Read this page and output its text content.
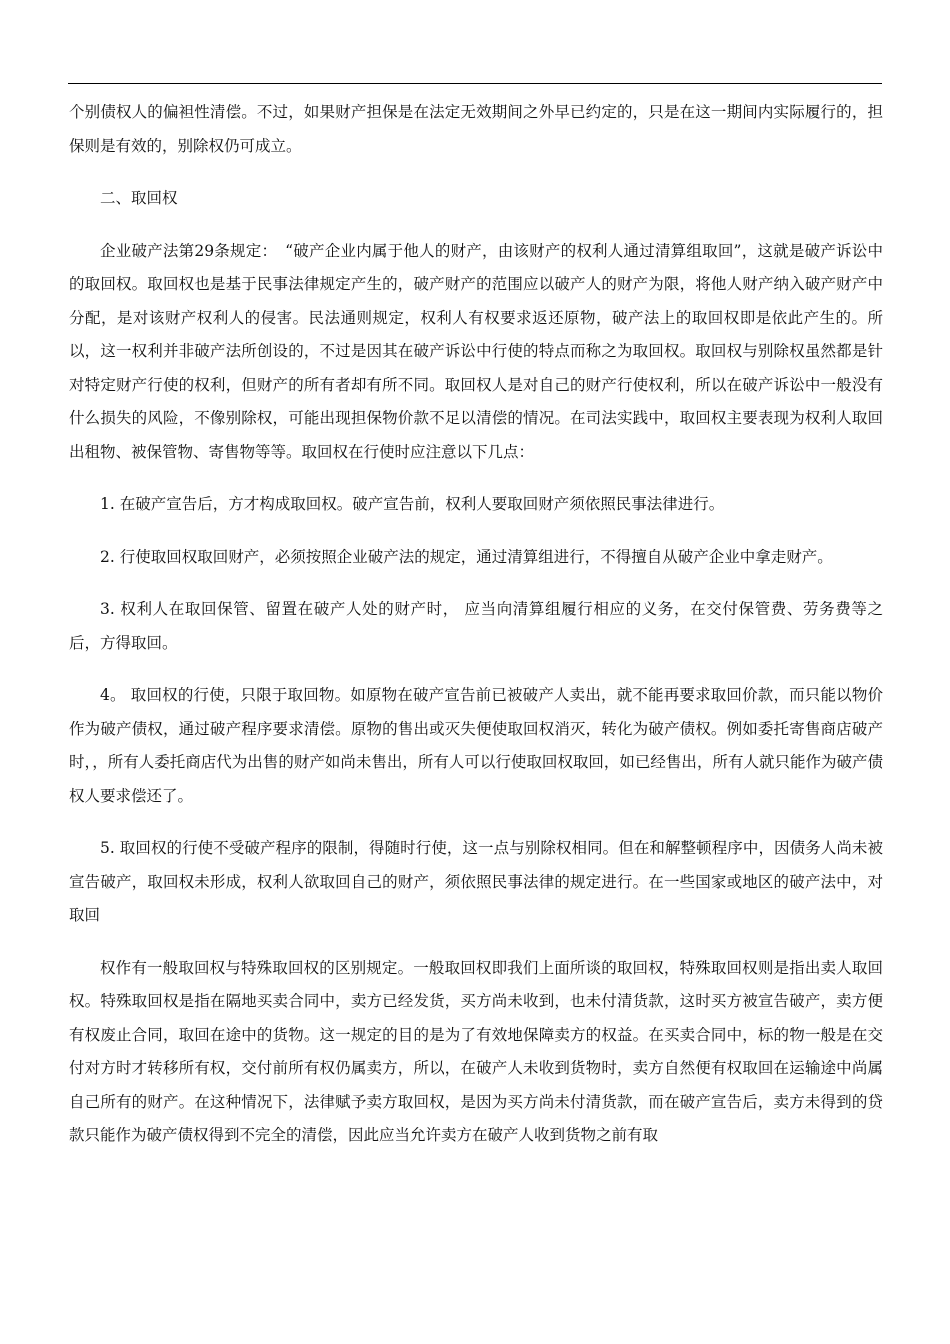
个别债权人的偏袒性清偿。不过，如果财产担保是在法定无效期间之外早已约定的，只是在这一期间内实际履行的，担保则是有效的，别除权仍可成立。

二、取回权

企业破产法第29条规定：　“破产企业内属于他人的财产，由该财产的权利人通过清算组取回”，这就是破产诉讼中的取回权。取回权也是基于民事法律规定产生的，破产财产的范围应以破产人的财产为限，将他人财产纳入破产财产中分配，是对该财产权利人的侵害。民法通则规定，权利人有权要求返还原物，破产法上的取回权即是依此产生的。所以，这一权利并非破产法所创设的，不过是因其在破产诉讼中行使的特点而称之为取回权。取回权与别除权虽然都是针对特定财产行使的权利，但财产的所有者却有所不同。取回权人是对自己的财产行使权利，所以在破产诉讼中一般没有什么损失的风险，不像别除权，可能出现担保物价款不足以清偿的情况。在司法实践中，取回权主要表现为权利人取回出租物、被保管物、寄售物等等。取回权在行使时应注意以下几点：

1. 在破产宣告后，方才构成取回权。破产宣告前，权利人要取回财产须依照民事法律进行。

2. 行使取回权取回财产，必须按照企业破产法的规定，通过清算组进行，不得擅自从破产企业中拿走财产。

3. 权利人在取回保管、留置在破产人处的财产时， 应当向清算组履行相应的义务，在交付保管费、劳务费等之后，方得取回。

4。 取回权的行使，只限于取回物。如原物在破产宣告前已被破产人卖出，就不能再要求取回价款，而只能以物价作为破产债权，通过破产程序要求清偿。原物的售出或灭失便使取回权消灭，转化为破产债权。例如委托寄售商店破产时，，所有人委托商店代为出售的财产如尚未售出，所有人可以行使取回权取回，如已经售出，所有人就只能作为破产债权人要求偿还了。

5. 取回权的行使不受破产程序的限制，得随时行使，这一点与别除权相同。但在和解整顿程序中，因债务人尚未被宣告破产，取回权未形成，权利人欲取回自己的财产，须依照民事法律的规定进行。在一些国家或地区的破产法中，对取回

权作有一般取回权与特殊取回权的区别规定。一般取回权即我们上面所谈的取回权，特殊取回权则是指出卖人取回权。特殊取回权是指在隔地买卖合同中，卖方已经发货，买方尚未收到，也未付清货款，这时买方被宣告破产，卖方便有权废止合同，取回在途中的货物。这一规定的目的是为了有效地保障卖方的权益。在买卖合同中，标的物一般是在交付对方时才转移所有权，交付前所有权仍属卖方，所以，在破产人未收到货物时，卖方自然便有权取回在运输途中尚属自己所有的财产。在这种情况下，法律赋予卖方取回权，是因为买方尚未付清货款，而在破产宣告后，卖方未得到的贷款只能作为破产债权得到不完全的清偿，因此应当允许卖方在破产人收到货物之前有取
